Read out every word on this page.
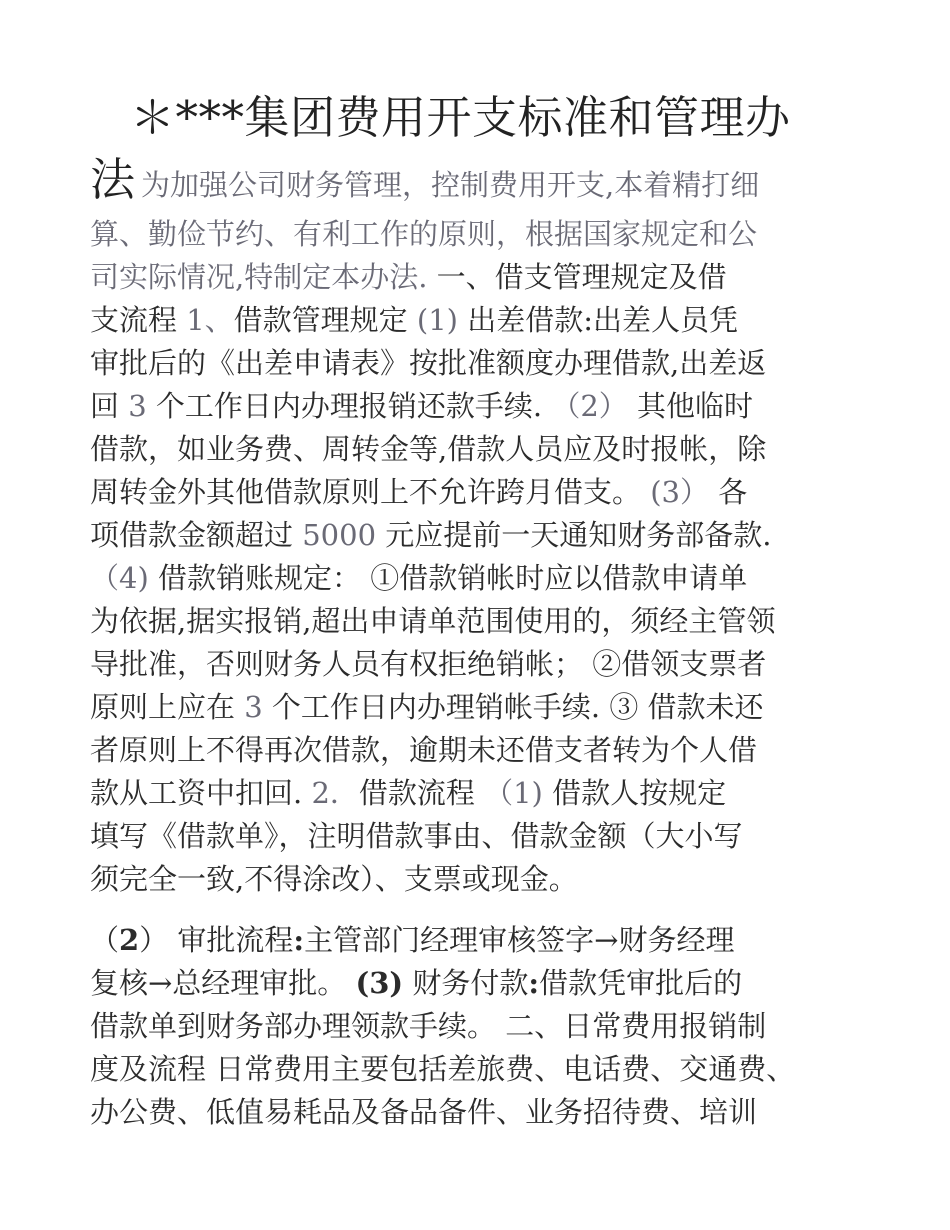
＊***集团费用开支标准和管理办
法为加强公司财务管理，控制费用开支,本着精打细
算、勤俭节约、有利工作的原则，根据国家规定和公
司实际情况,特制定本办法. 一、借支管理规定及借
支流程 1、借款管理规定 (1) 出差借款:出差人员凭
审批后的《出差申请表》按批准额度办理借款,出差返
回 3 个工作日内办理报销还款手续. （2） 其他临时
借款，如业务费、周转金等,借款人员应及时报帐，除
周转金外其他借款原则上不允许跨月借支。 (3） 各
项借款金额超过 5000 元应提前一天通知财务部备款.
（4) 借款销账规定： ①借款销帐时应以借款申请单
为依据,据实报销,超出申请单范围使用的，须经主管领
导批准，否则财务人员有权拒绝销帐； ②借领支票者
原则上应在 3 个工作日内办理销帐手续. ③ 借款未还
者原则上不得再次借款，逾期未还借支者转为个人借
款从工资中扣回. 2．借款流程 （1) 借款人按规定
填写《借款单》，注明借款事由、借款金额（大小写
须完全一致,不得涂改）、支票或现金。
（2） 审批流程:主管部门经理审核签字→财务经理
复核→总经理审批。 (3) 财务付款:借款凭审批后的
借款单到财务部办理领款手续。 二、日常费用报销制
度及流程 日常费用主要包括差旅费、电话费、交通费、
办公费、低值易耗品及备品备件、业务招待费、培训
